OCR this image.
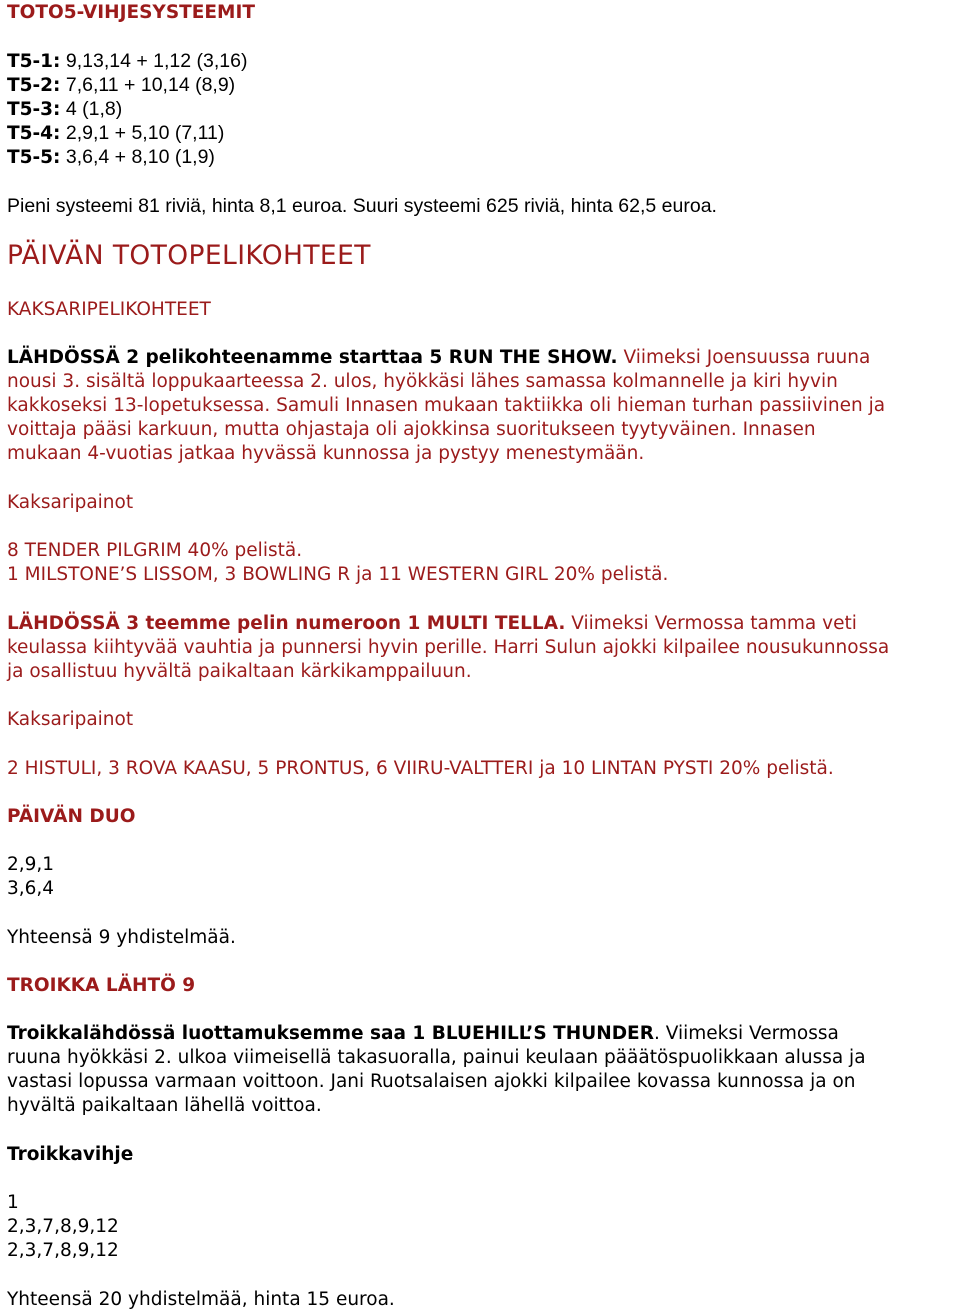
TOTO5-VIHJESYSTEEMIT
T5-1: 9,13,14 + 1,12 (3,16)
T5-2: 7,6,11 + 10,14 (8,9)
T5-3: 4 (1,8)
T5-4: 2,9,1 + 5,10 (7,11)
T5-5: 3,6,4 + 8,10 (1,9)
Pieni systeemi 81 riviä, hinta 8,1 euroa. Suuri systeemi 625 riviä, hinta 62,5 euroa.
PÄIVÄN TOTOPELIKOHTEET
KAKSARIPELIKOHTEET
LÄHDÖSSÄ 2 pelikohteenamme starttaa 5 RUN THE SHOW. Viimeksi Joensuussa ruuna
nousi 3. sisältä loppukaarteessa 2. ulos, hyökkäsi lähes samassa kolmannelle ja kiri hyvin
kakkoseksi 13-lopetuksessa. Samuli Innasen mukaan taktiikka oli hieman turhan passiivinen ja
voittaja pääsi karkuun, mutta ohjastaja oli ajokkinsa suoritukseen tyytyväinen. Innasen
mukaan 4-vuotias jatkaa hyvässä kunnossa ja pystyy menestymään.
Kaksaripainot
8 TENDER PILGRIM 40% pelistä.
1 MILSTONE’S LISSOM, 3 BOWLING R ja 11 WESTERN GIRL 20% pelistä.
LÄHDÖSSÄ 3 teemme pelin numeroon 1 MULTI TELLA. Viimeksi Vermossa tamma veti
keulassa kiihtyvää vauhtia ja punnersi hyvin perille. Harri Sulun ajokki kilpailee nousukunnossa
ja osallistuu hyvältä paikaltaan kärkikamppailuun.
Kaksaripainot
2 HISTULI, 3 ROVA KAASU, 5 PRONTUS, 6 VIIRU-VALTTERI ja 10 LINTAN PYSTI 20% pelistä.
PÄIVÄN DUO
2,9,1
3,6,4
Yhteensä 9 yhdistelmää.
TROIKKA LÄHTÖ 9
Troikkalähdössä luottamuksemme saa 1 BLUEHILL’S THUNDER. Viimeksi Vermossa
ruuna hyökkäsi 2. ulkoa viimeisellä takasuoralla, painui keulaan pääätöspuolikkaan alussa ja
vastasi lopussa varmaan voittoon. Jani Ruotsalaisen ajokki kilpailee kovassa kunnossa ja on
hyvältä paikaltaan lähellä voittoa.
Troikkavihje
1
2,3,7,8,9,12
2,3,7,8,9,12
Yhteensä 20 yhdistelmää, hinta 15 euroa.
